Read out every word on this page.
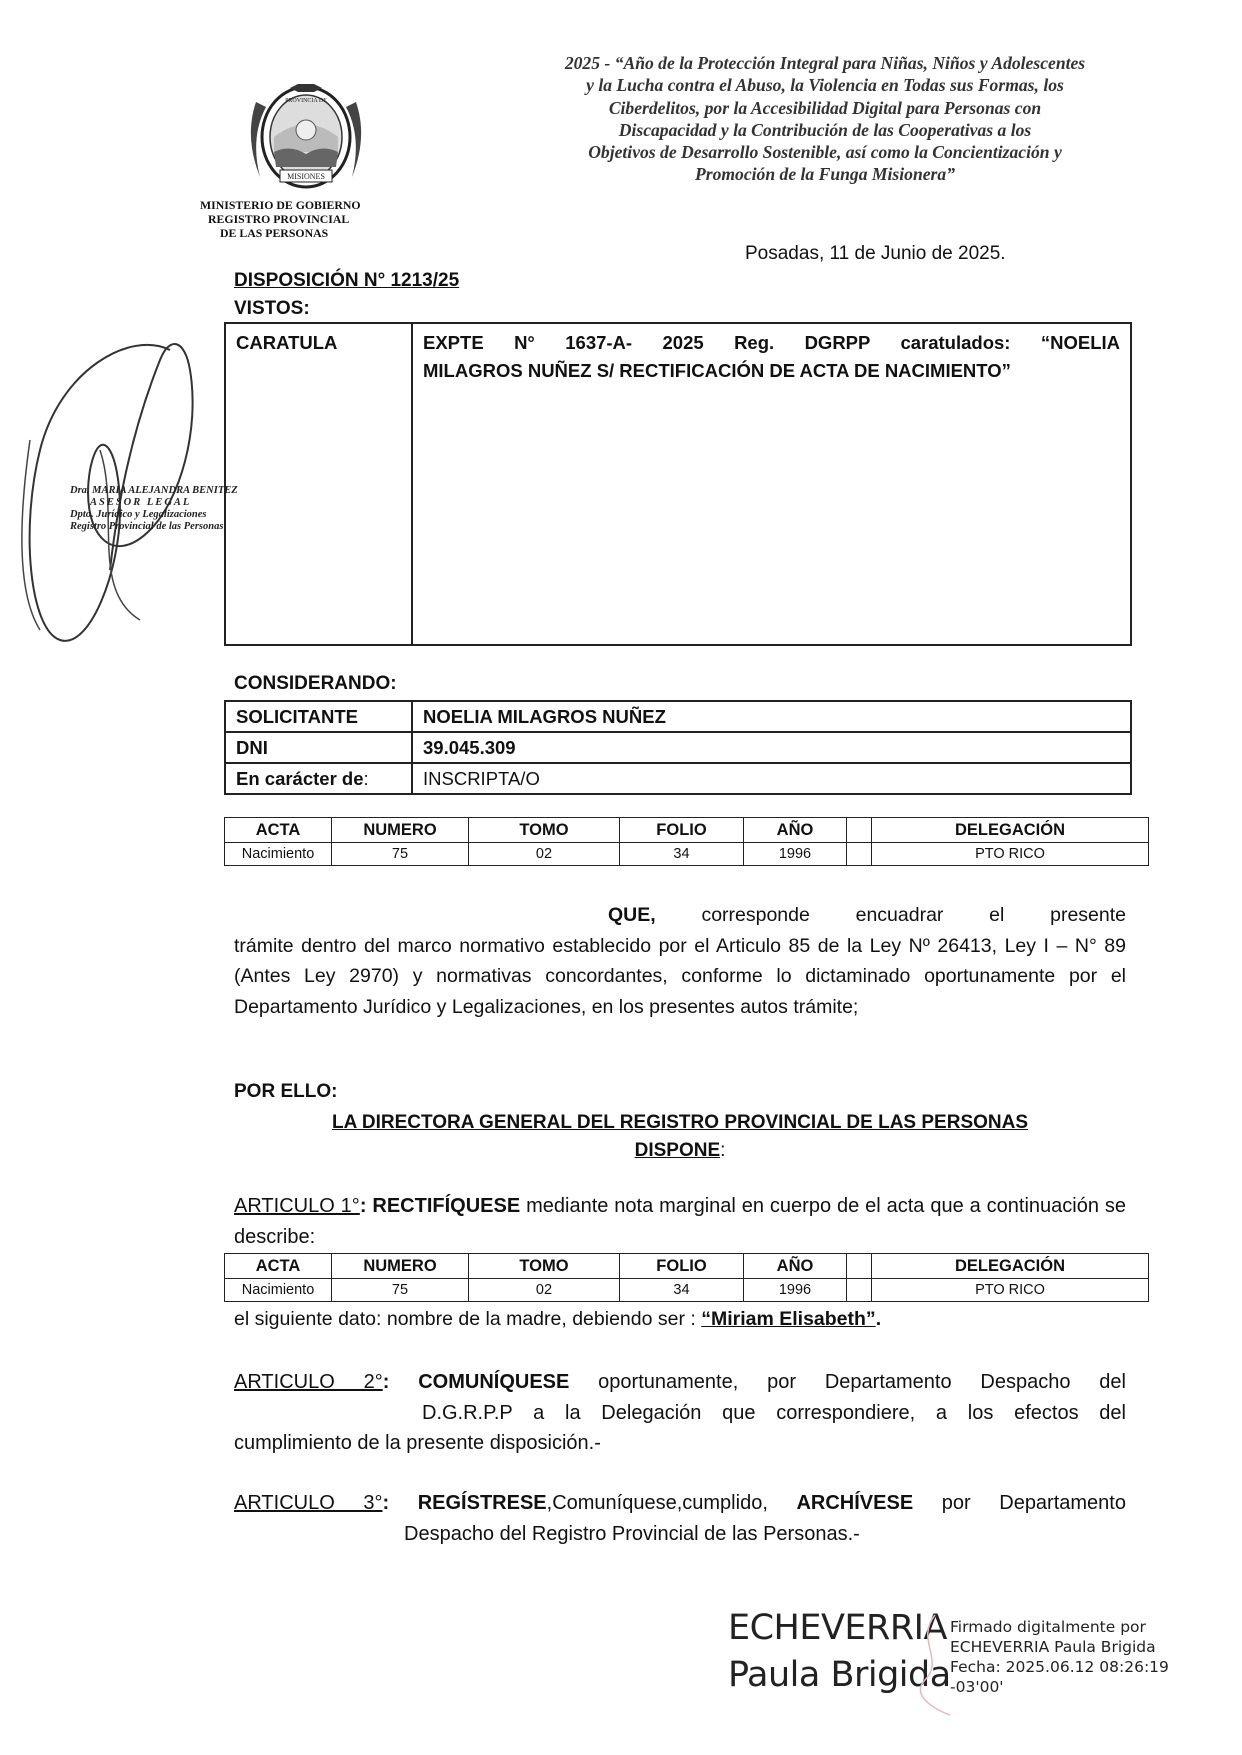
2025 - “Año de la Protección Integral para Niñas, Niños y Adolescentes
y la Lucha contra el Abuso, la Violencia en Todas sus Formas, los
Ciberdelitos, por la Accesibilidad Digital para Personas con
Discapacidad y la Contribución de las Cooperativas a los
Objetivos de Desarrollo Sostenible, así como la Concientización y
Promoción de la Funga Misionera”
MISIONES
PROVINCIA DE
MINISTERIO DE GOBIERNO
REGISTRO PROVINCIAL
DE LAS PERSONAS
Posadas, 11 de Junio de 2025.
DISPOSICIÓN N° 1213/25
VISTOS:
CARATULA	EXPTE N° 1637-A- 2025 Reg. DGRPP caratulados: “NOELIA
MILAGROS NUÑEZ S/ RECTIFICACIÓN DE ACTA DE NACIMIENTO”
Dra. MARIA ALEJANDRA BENITEZ
ASESOR LEGAL
Dpto. Jurídico y Legalizaciones
Registro Provincial de las Personas
CONSIDERANDO:
SOLICITANTE	NOELIA MILAGROS NUÑEZ
DNI	39.045.309
En carácter de:	INSCRIPTA/O
ACTA	NUMERO	TOMO	FOLIO	AÑO		DELEGACIÓN
Nacimiento	75	02	34	1996		PTO RICO
QUE, corresponde encuadrar el presente
trámite dentro del marco normativo establecido por el Articulo 85 de la Ley Nº 26413, Ley I – N° 89 (Antes Ley 2970) y normativas concordantes, conforme lo dictaminado oportunamente por el Departamento Jurídico y Legalizaciones, en los presentes autos trámite;
POR ELLO:
LA DIRECTORA GENERAL DEL REGISTRO PROVINCIAL DE LAS PERSONAS
DISPONE:
ARTICULO 1°: RECTIFÍQUESE mediante nota marginal en cuerpo de el acta que a continuación se describe:
ACTA	NUMERO	TOMO	FOLIO	AÑO		DELEGACIÓN
Nacimiento	75	02	34	1996		PTO RICO
el siguiente dato: nombre de la madre, debiendo ser : “Miriam Elisabeth”.
ARTICULO 2°: COMUNÍQUESE oportunamente, por Departamento Despacho del
D.G.R.P.P a la Delegación que correspondiere, a los efectos del
cumplimiento de la presente disposición.-
ARTICULO 3°: REGÍSTRESE,Comuníquese,cumplido, ARCHÍVESE por Departamento
Despacho del Registro Provincial de las Personas.-
ECHEVERRIA
Paula Brigida
Firmado digitalmente por
ECHEVERRIA Paula Brigida
Fecha: 2025.06.12 08:26:19
-03'00'
